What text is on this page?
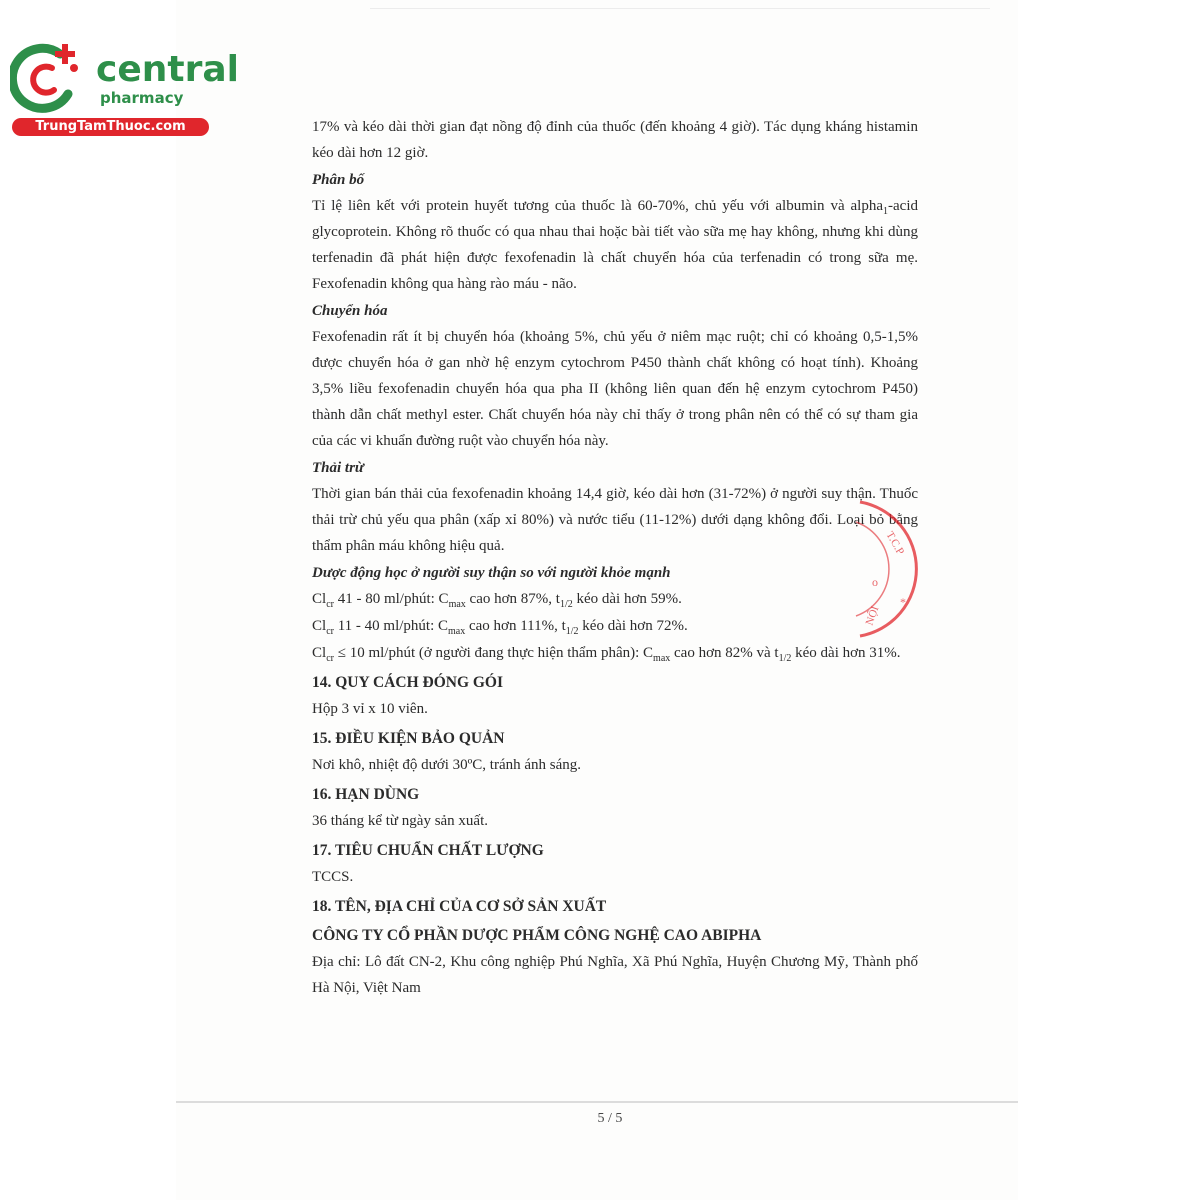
central
pharmacy
TrungTamThuoc.com	17% và kéo dài thời gian đạt nồng độ đỉnh của thuốc (đến khoảng 4 giờ). Tác dụng kháng histamin kéo dài hơn 12 giờ.

Phân bố

Tỉ lệ liên kết với protein huyết tương của thuốc là 60-70%, chủ yếu với albumin và alpha$_1$-acid glycoprotein. Không rõ thuốc có qua nhau thai hoặc bài tiết vào sữa mẹ hay không, nhưng khi dùng terfenadin đã phát hiện được fexofenadin là chất chuyển hóa của terfenadin có trong sữa mẹ. Fexofenadin không qua hàng rào máu - não.

Chuyển hóa

Fexofenadin rất ít bị chuyển hóa (khoảng 5%, chủ yếu ở niêm mạc ruột; chỉ có khoảng 0,5-1,5% được chuyển hóa ở gan nhờ hệ enzym cytochrom P450 thành chất không có hoạt tính). Khoảng 3,5% liều fexofenadin chuyển hóa qua pha II (không liên quan đến hệ enzym cytochrom P450) thành dẫn chất methyl ester. Chất chuyển hóa này chỉ thấy ở trong phân nên có thể có sự tham gia của các vi khuẩn đường ruột vào chuyển hóa này.

Thải trừ

Thời gian bán thải của fexofenadin khoảng 14,4 giờ, kéo dài hơn (31-72%) ở người suy thận. Thuốc thải trừ chủ yếu qua phân (xấp xỉ 80%) và nước tiểu (11-12%) dưới dạng không đổi. Loại bỏ bằng thẩm phân máu không hiệu quả.

Dược động học ở người suy thận so với người khỏe mạnh

$Cl_{cr}$ 41 - 80 ml/phút: $C_{max}$ cao hơn 87%, $t_{1/2}$ kéo dài hơn 59%.

$Cl_{cr}$ 11 - 40 ml/phút: $C_{max}$ cao hơn 111%, $t_{1/2}$ kéo dài hơn 72%.

$Cl_{cr} \le 10$ ml/phút (ở người đang thực hiện thẩm phân): $C_{max}$ cao hơn 82% và $t_{1/2}$ kéo dài hơn 31%.

14. QUY CÁCH ĐÓNG GÓI

Hộp 3 vỉ x 10 viên.

15. ĐIỀU KIỆN BẢO QUẢN

Nơi khô, nhiệt độ dưới 30ºC, tránh ánh sáng.

16. HẠN DÙNG

36 tháng kể từ ngày sản xuất.

17. TIÊU CHUẨN CHẤT LƯỢNG

TCCS.

18. TÊN, ĐỊA CHỈ CỦA CƠ SỞ SẢN XUẤT

CÔNG TY CỔ PHẦN DƯỢC PHẨM CÔNG NGHỆ CAO ABIPHA

Địa chỉ: Lô đất CN-2, Khu công nghiệp Phú Nghĩa, Xã Phú Nghĩa, Huyện Chương Mỹ, Thành phố Hà Nội, Việt Nam

T.C.P
o
*
NỘI
5 / 5
